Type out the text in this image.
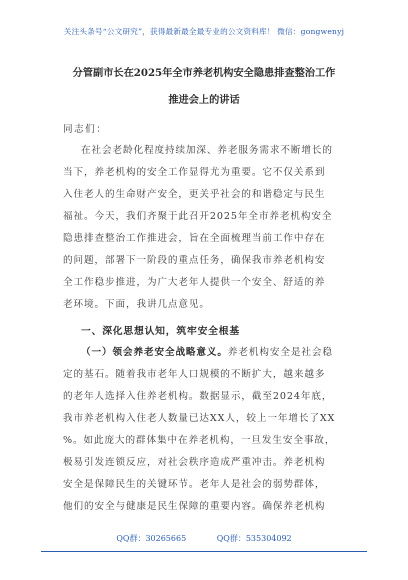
关注头条号“公文研究”，获得最新最全最专业的公文资料库！ 微信：gongwenyj
分管副市长在2025年全市养老机构安全隐患排查整治工作
推进会上的讲话
同志们：
在社会老龄化程度持续加深、养老服务需求不断增长的
当下，养老机构的安全工作显得尤为重要。它不仅关系到
入住老人的生命财产安全，更关乎社会的和谐稳定与民生
福祉。今天，我们齐聚于此召开2025年全市养老机构安全
隐患排查整治工作推进会，旨在全面梳理当前工作中存在
的问题，部署下一阶段的重点任务，确保我市养老机构安
全工作稳步推进，为广大老年人提供一个安全、舒适的养
老环境。下面，我讲几点意见。
一、深化思想认知，筑牢安全根基
（一）领会养老安全战略意义。养老机构安全是社会稳
定的基石。随着我市老年人口规模的不断扩大，越来越多
的老年人选择入住养老机构。数据显示，截至2024年底，
我市养老机构入住老人数量已达XX人，较上一年增长了XX
%。如此庞大的群体集中在养老机构，一旦发生安全事故，
极易引发连锁反应，对社会秩序造成严重冲击。养老机构
安全是保障民生的关键环节。老年人是社会的弱势群体，
他们的安全与健康是民生保障的重要内容。确保养老机构
QQ群：30265665	QQ群：535304092
